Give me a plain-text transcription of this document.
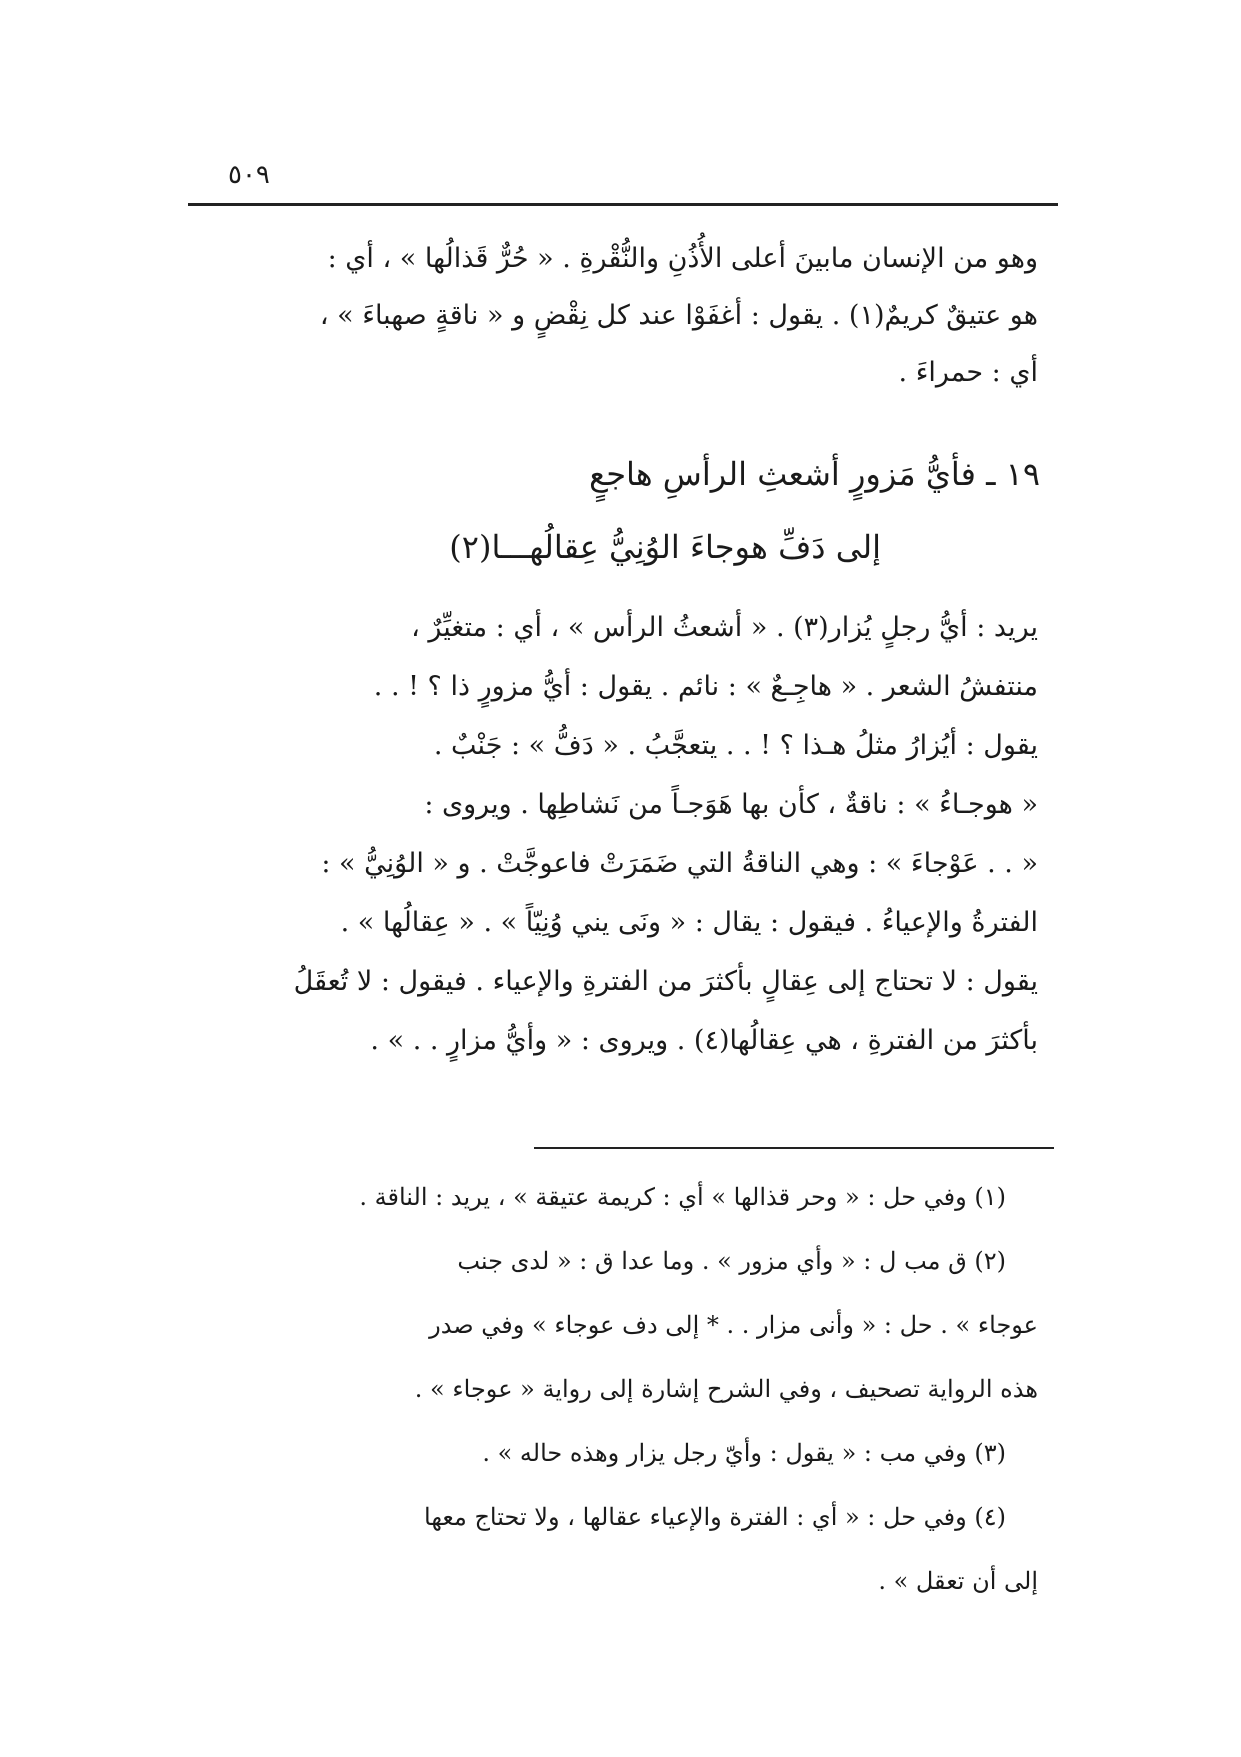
٥٠٩
وهو من الإنسان مابينَ أعلى الأُذُنِ والنُّقْرةِ . « حُرٌّ قَذالُها » ، أي :
هو عتيقٌ كريمٌ(١) . يقول : أغفَوْا عند كل نِقْضٍ و « ناقةٍ صهباءَ » ،
أي : حمراءَ .
١٩ ـ فأيُّ مَزورٍ أشعثِ الرأسِ هاجعٍ
إلى دَفِّ هوجاءَ الوُنِيُّ عِقالُهـــا(٢)
يريد : أيُّ رجلٍ يُزار(٣) . « أشعثُ الرأس » ، أي : متغيِّرٌ ،
منتفشُ الشعر . « هاجِـعٌ » : نائم . يقول : أيُّ مزورٍ ذا ؟ ! . .
يقول : أيُزارُ مثلُ هـذا ؟ ! . . يتعجَّبُ . « دَفُّ » : جَنْبٌ .
« هوجـاءُ » : ناقةٌ ، كأن بها هَوَجـاً من نَشاطِها . ويروى :
« . . عَوْجاءَ » : وهي الناقةُ التي ضَمَرَتْ فاعوجَّتْ . و « الوُنِيُّ » :
الفترةُ والإعياءُ . فيقول : يقال : « ونَى يني وُنِيّاً » . « عِقالُها » .
يقول : لا تحتاج إلى عِقالٍ بأكثرَ من الفترةِ والإعياء . فيقول : لا تُعقَلُ
بأكثرَ من الفترةِ ، هي عِقالُها(٤) . ويروى : « وأيُّ مزارٍ . . » .
(١) وفي حل : « وحر قذالها » أي : كريمة عتيقة » ، يريد : الناقة .
(٢) ق مب ل : « وأي مزور » . وما عدا ق : « لدى جنب
عوجاء » . حل : « وأنى مزار . . * إلى دف عوجاء » وفي صدر
هذه الرواية تصحيف ، وفي الشرح إشارة إلى رواية « عوجاء » .
(٣) وفي مب : « يقول : وأيّ رجل يزار وهذه حاله » .
(٤) وفي حل : « أي : الفترة والإعياء عقالها ، ولا تحتاج معها
إلى أن تعقل » .
